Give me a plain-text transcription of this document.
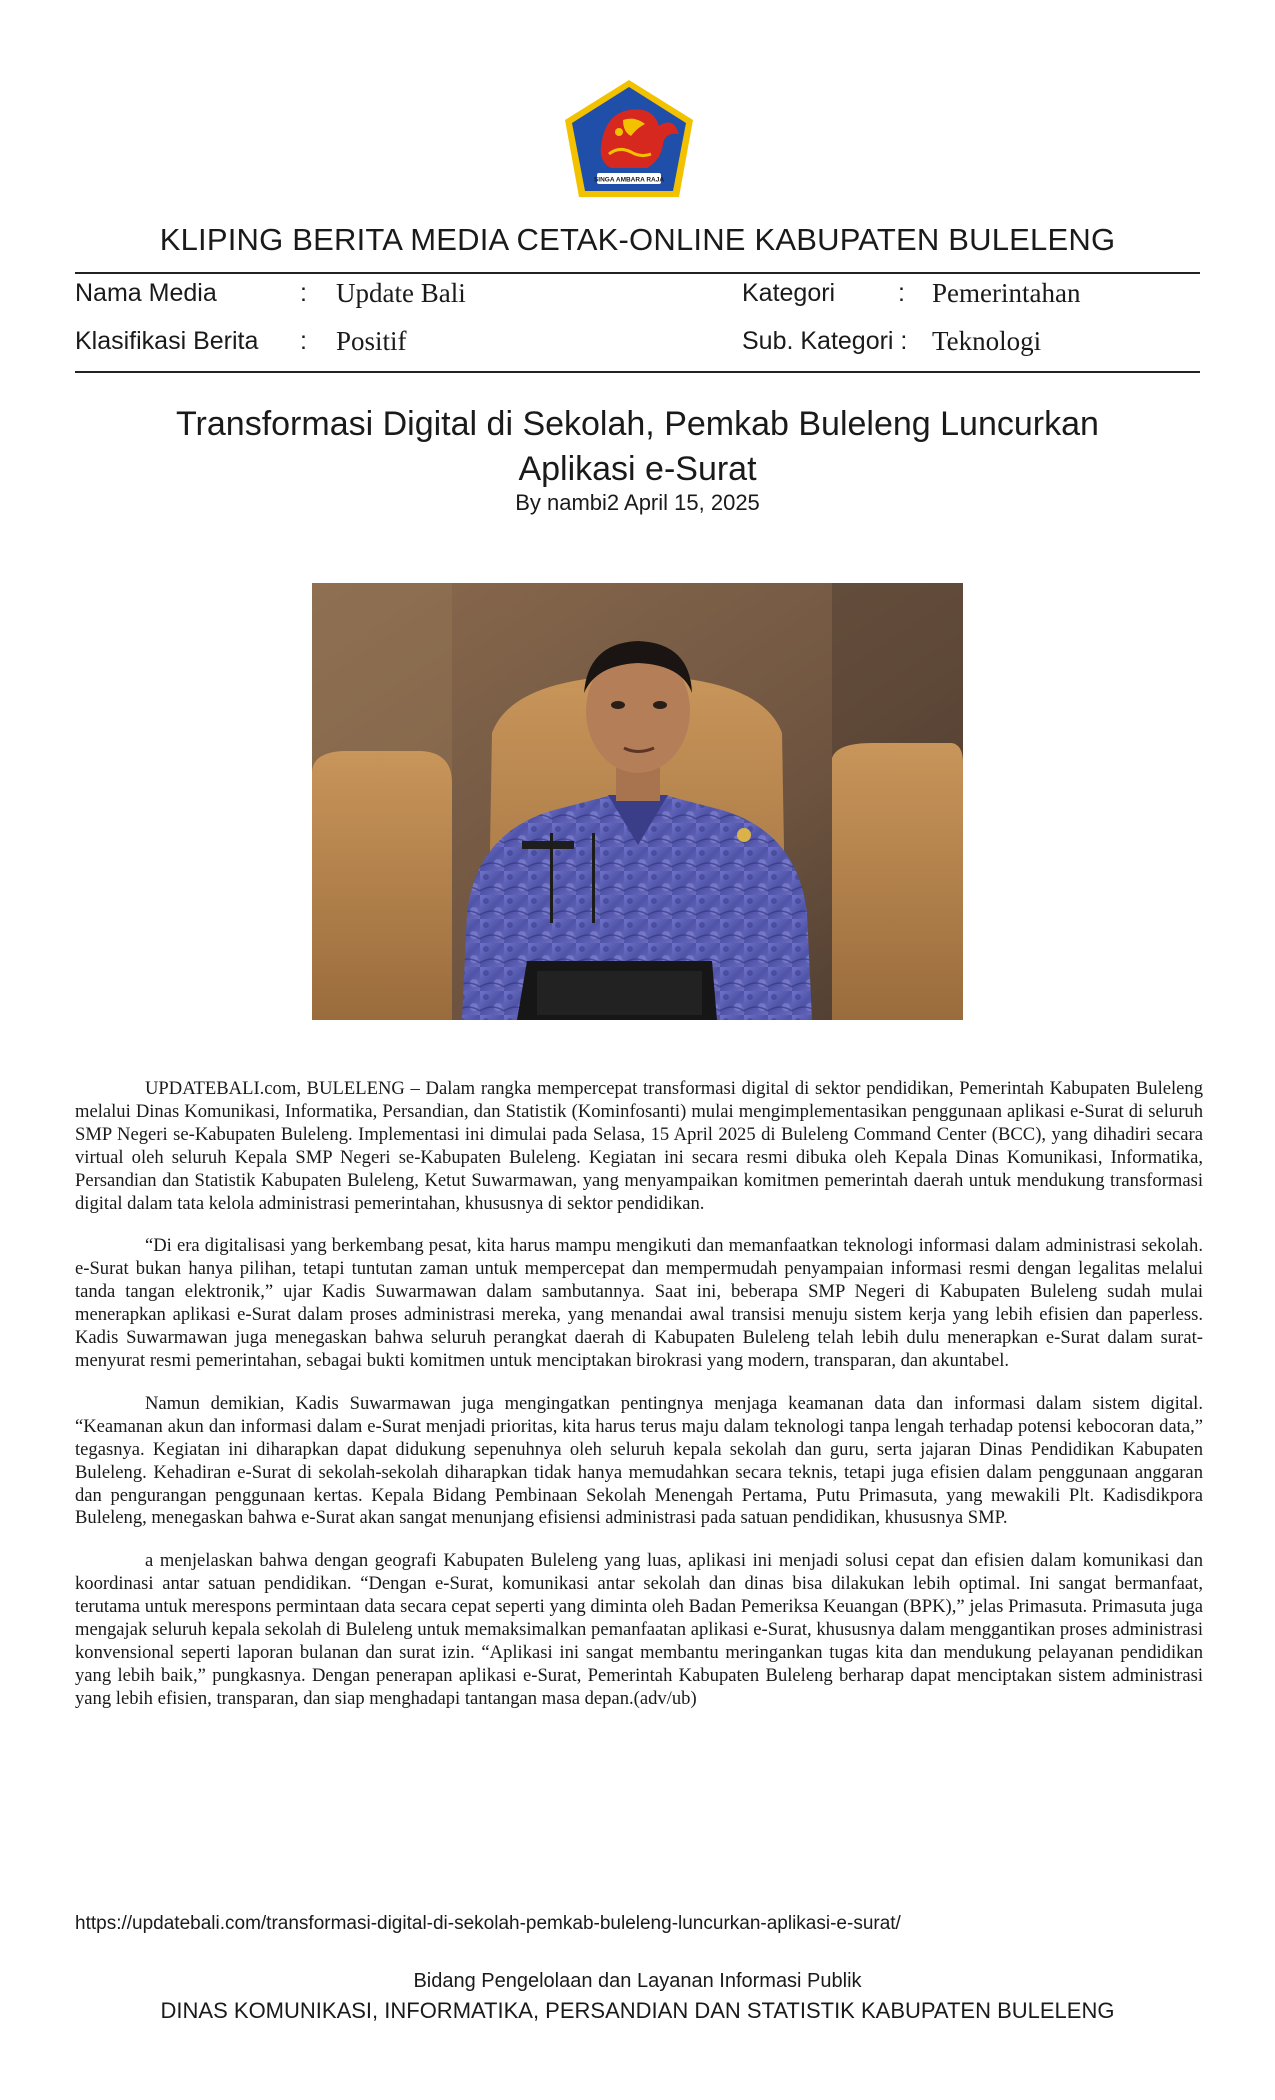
SINGA AMBARA RAJA
KLIPING BERITA MEDIA CETAK-ONLINE KABUPATEN BULELENG
Nama Media	: Update Bali	Kategori	: Pemerintahan
Klasifikasi Berita : Positif	Sub. Kategori : Teknologi
Transformasi Digital di Sekolah, Pemkab Buleleng Luncurkan
Aplikasi e-Surat
By nambi2 April 15, 2025

UPDATEBALI.com, BULELENG – Dalam rangka mempercepat transformasi digital di sektor pendidikan, Pemerintah Kabupaten Buleleng melalui Dinas Komunikasi, Informatika, Persandian, dan Statistik (Kominfosanti) mulai mengimplementasikan penggunaan aplikasi e-Surat di seluruh SMP Negeri se-Kabupaten Buleleng. Implementasi ini dimulai pada Selasa, 15 April 2025 di Buleleng Command Center (BCC), yang dihadiri secara virtual oleh seluruh Kepala SMP Negeri se-Kabupaten Buleleng. Kegiatan ini secara resmi dibuka oleh Kepala Dinas Komunikasi, Informatika, Persandian dan Statistik Kabupaten Buleleng, Ketut Suwarmawan, yang menyampaikan komitmen pemerintah daerah untuk mendukung transformasi digital dalam tata kelola administrasi pemerintahan, khususnya di sektor pendidikan.

“Di era digitalisasi yang berkembang pesat, kita harus mampu mengikuti dan memanfaatkan teknologi informasi dalam administrasi sekolah. e-Surat bukan hanya pilihan, tetapi tuntutan zaman untuk mempercepat dan mempermudah penyampaian informasi resmi dengan legalitas melalui tanda tangan elektronik,” ujar Kadis Suwarmawan dalam sambutannya. Saat ini, beberapa SMP Negeri di Kabupaten Buleleng sudah mulai menerapkan aplikasi e-Surat dalam proses administrasi mereka, yang menandai awal transisi menuju sistem kerja yang lebih efisien dan paperless. Kadis Suwarmawan juga menegaskan bahwa seluruh perangkat daerah di Kabupaten Buleleng telah lebih dulu menerapkan e-Surat dalam surat-menyurat resmi pemerintahan, sebagai bukti komitmen untuk menciptakan birokrasi yang modern, transparan, dan akuntabel.

Namun demikian, Kadis Suwarmawan juga mengingatkan pentingnya menjaga keamanan data dan informasi dalam sistem digital. “Keamanan akun dan informasi dalam e-Surat menjadi prioritas, kita harus terus maju dalam teknologi tanpa lengah terhadap potensi kebocoran data,” tegasnya. Kegiatan ini diharapkan dapat didukung sepenuhnya oleh seluruh kepala sekolah dan guru, serta jajaran Dinas Pendidikan Kabupaten Buleleng. Kehadiran e-Surat di sekolah-sekolah diharapkan tidak hanya memudahkan secara teknis, tetapi juga efisien dalam penggunaan anggaran dan pengurangan penggunaan kertas. Kepala Bidang Pembinaan Sekolah Menengah Pertama, Putu Primasuta, yang mewakili Plt. Kadisdikpora Buleleng, menegaskan bahwa e-Surat akan sangat menunjang efisiensi administrasi pada satuan pendidikan, khususnya SMP.

a menjelaskan bahwa dengan geografi Kabupaten Buleleng yang luas, aplikasi ini menjadi solusi cepat dan efisien dalam komunikasi dan koordinasi antar satuan pendidikan. “Dengan e-Surat, komunikasi antar sekolah dan dinas bisa dilakukan lebih optimal. Ini sangat bermanfaat, terutama untuk merespons permintaan data secara cepat seperti yang diminta oleh Badan Pemeriksa Keuangan (BPK),” jelas Primasuta. Primasuta juga mengajak seluruh kepala sekolah di Buleleng untuk memaksimalkan pemanfaatan aplikasi e-Surat, khususnya dalam menggantikan proses administrasi konvensional seperti laporan bulanan dan surat izin. “Aplikasi ini sangat membantu meringankan tugas kita dan mendukung pelayanan pendidikan yang lebih baik,” pungkasnya. Dengan penerapan aplikasi e-Surat, Pemerintah Kabupaten Buleleng berharap dapat menciptakan sistem administrasi yang lebih efisien, transparan, dan siap menghadapi tantangan masa depan.(adv/ub)

https://updatebali.com/transformasi-digital-di-sekolah-pemkab-buleleng-luncurkan-aplikasi-e-surat/
Bidang Pengelolaan dan Layanan Informasi Publik
DINAS KOMUNIKASI, INFORMATIKA, PERSANDIAN DAN STATISTIK KABUPATEN BULELENG
